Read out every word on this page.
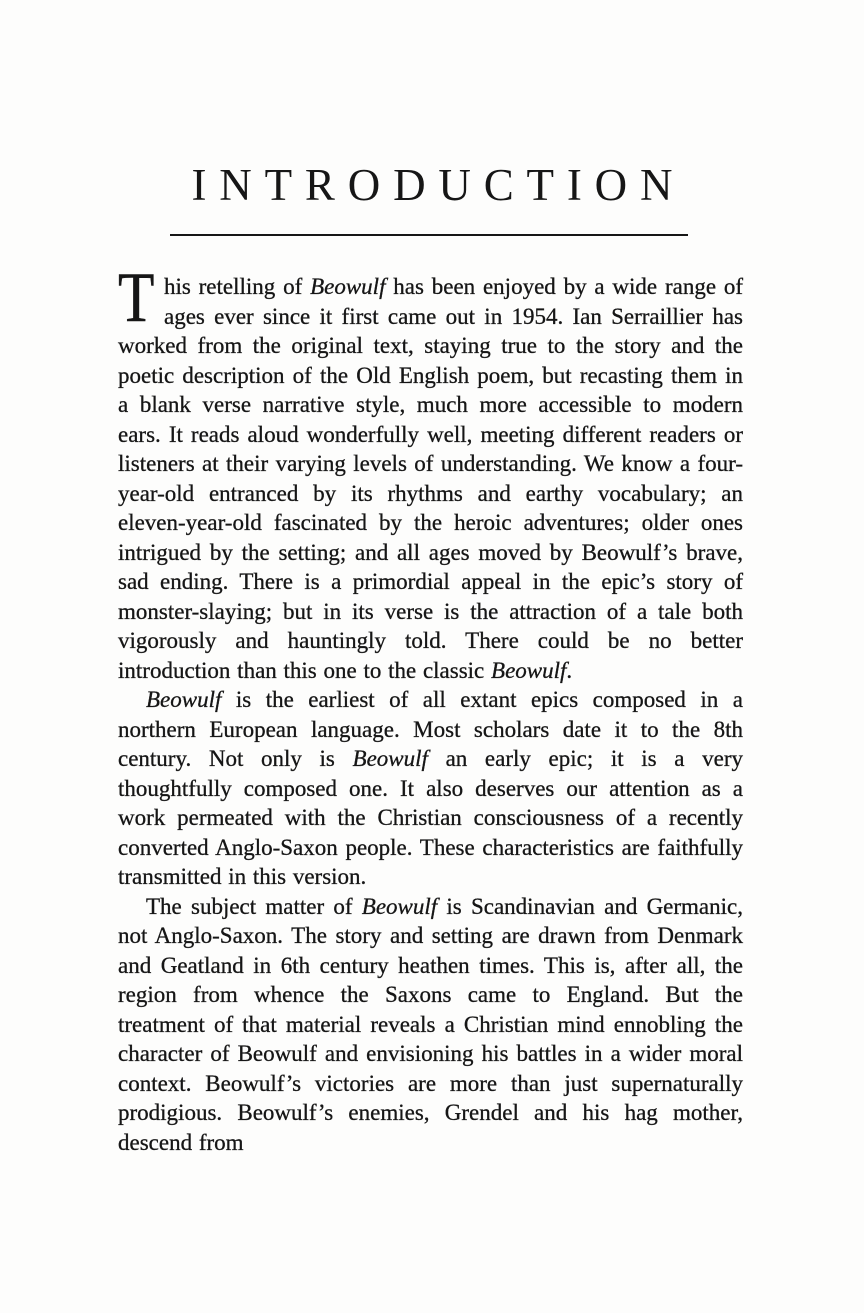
INTRODUCTION

This retelling of Beowulf has been enjoyed by a wide range of ages ever since it first came out in 1954. Ian Serraillier has worked from the original text, staying true to the story and the poetic description of the Old English poem, but recasting them in a blank verse narrative style, much more accessible to modern ears. It reads aloud wonderfully well, meeting different readers or listeners at their varying levels of understanding. We know a four-year-old entranced by its rhythms and earthy vocabulary; an eleven-year-old fascinated by the heroic adventures; older ones intrigued by the setting; and all ages moved by Beowulf’s brave, sad ending. There is a primordial appeal in the epic’s story of monster-slaying; but in its verse is the attraction of a tale both vigorously and hauntingly told. There could be no better introduction than this one to the classic Beowulf.

Beowulf is the earliest of all extant epics composed in a northern European language. Most scholars date it to the 8th century. Not only is Beowulf an early epic; it is a very thoughtfully composed one. It also deserves our attention as a work permeated with the Christian consciousness of a recently converted Anglo-Saxon people. These characteristics are faithfully transmitted in this version.

The subject matter of Beowulf is Scandinavian and Germanic, not Anglo-Saxon. The story and setting are drawn from Denmark and Geatland in 6th century heathen times. This is, after all, the region from whence the Saxons came to England. But the treatment of that material reveals a Christian mind ennobling the character of Beowulf and envisioning his battles in a wider moral context. Beowulf’s victories are more than just supernaturally prodigious. Beowulf’s enemies, Grendel and his hag mother, descend from
